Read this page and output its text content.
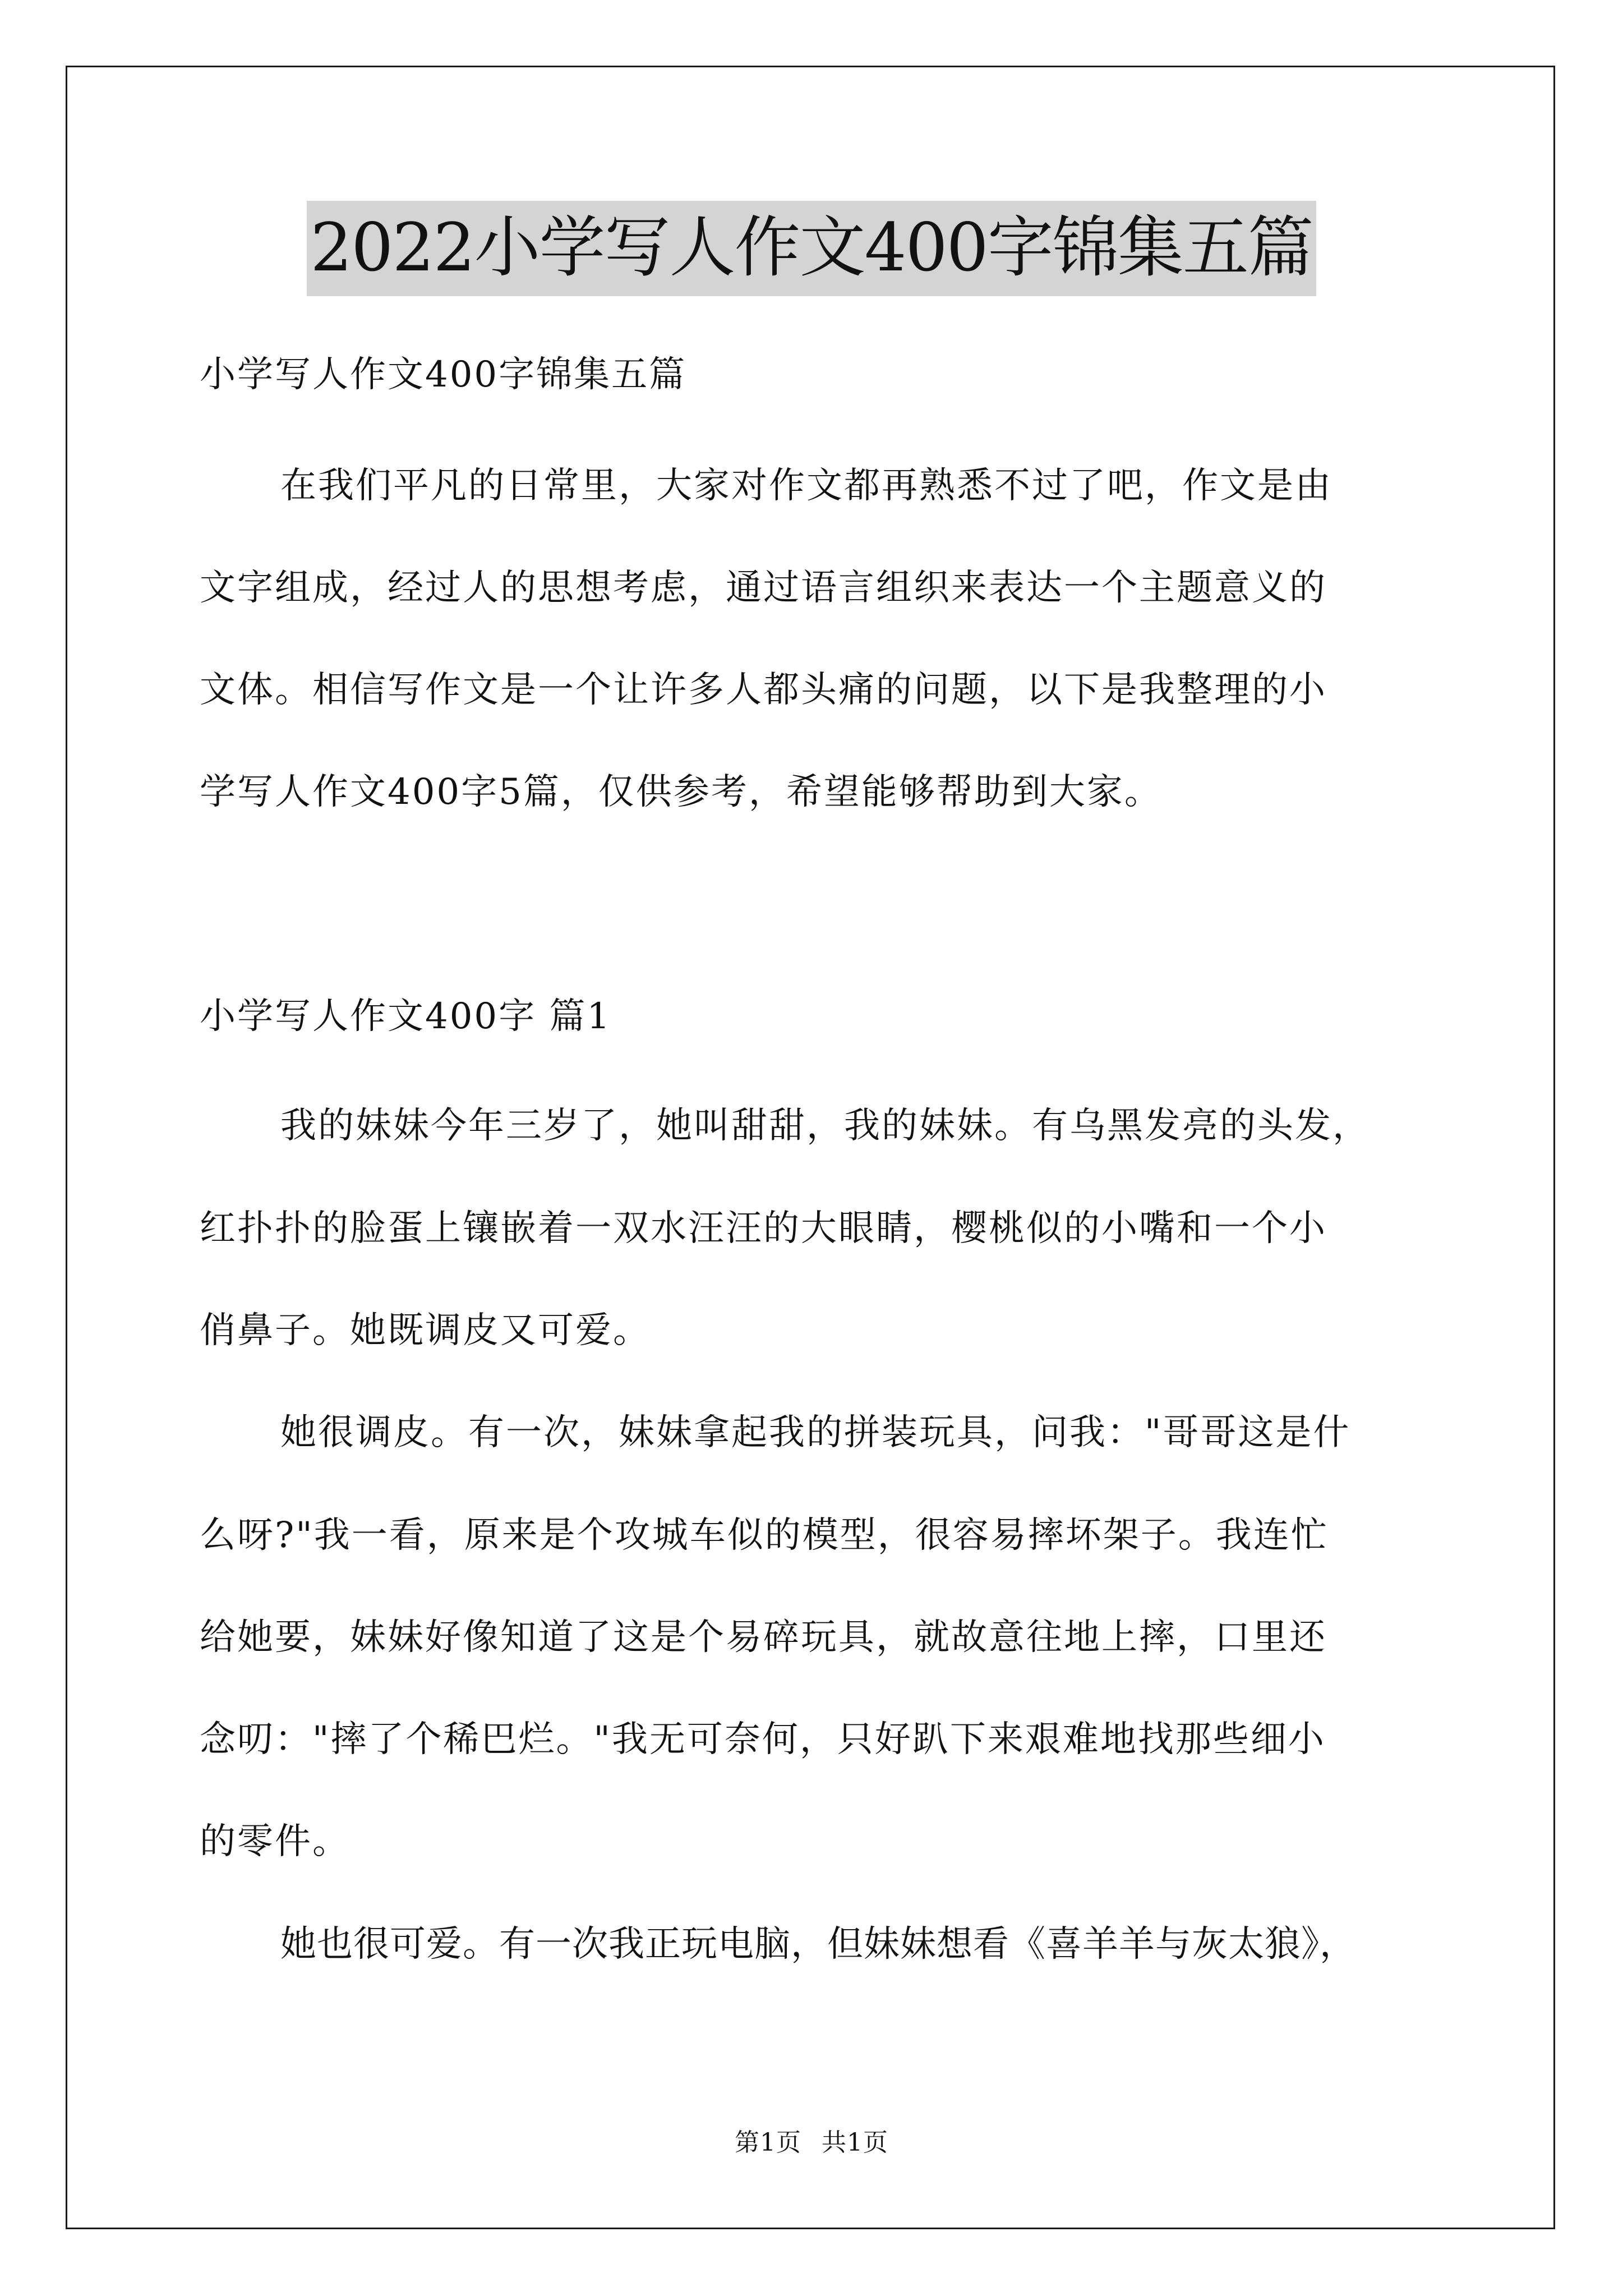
2022小学写人作文400字锦集五篇
小学写人作文400字锦集五篇
在我们平凡的日常里，大家对作文都再熟悉不过了吧，作文是由
文字组成，经过人的思想考虑，通过语言组织来表达一个主题意义的
文体。相信写作文是一个让许多人都头痛的问题，以下是我整理的小
学写人作文400字5篇，仅供参考，希望能够帮助到大家。
小学写人作文400字 篇1
我的妹妹今年三岁了，她叫甜甜，我的妹妹。有乌黑发亮的头发，
红扑扑的脸蛋上镶嵌着一双水汪汪的大眼睛，樱桃似的小嘴和一个小
俏鼻子。她既调皮又可爱。
她很调皮。有一次，妹妹拿起我的拼装玩具，问我："哥哥这是什
么呀?"我一看，原来是个攻城车似的模型，很容易摔坏架子。我连忙
给她要，妹妹好像知道了这是个易碎玩具，就故意往地上摔，口里还
念叨："摔了个稀巴烂。"我无可奈何，只好趴下来艰难地找那些细小
的零件。
她也很可爱。有一次我正玩电脑，但妹妹想看《喜羊羊与灰太狼》，
第1页 共1页
